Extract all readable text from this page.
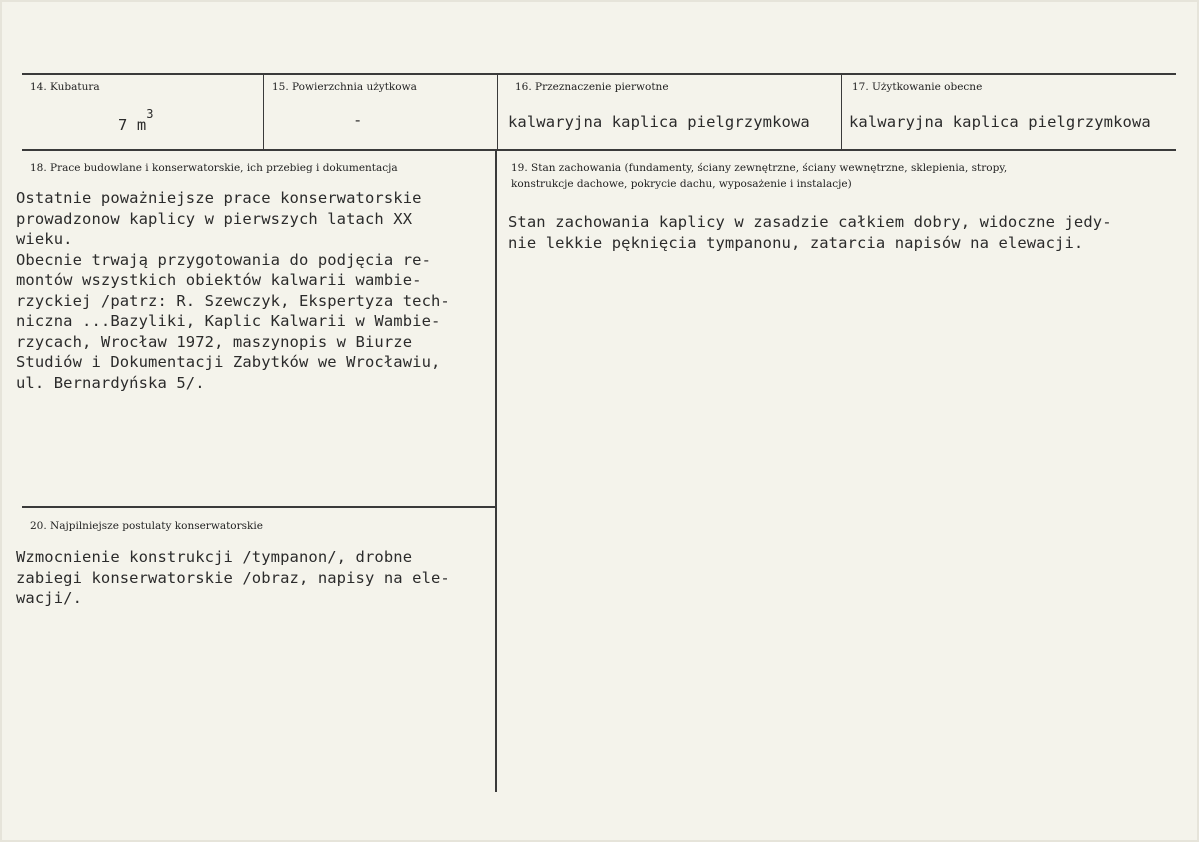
14. Kubatura
7 $m^3$
15. Powierzchnia użytkowa
-
16. Przeznaczenie pierwotne
kalwaryjna kaplica pielgrzymkowa
17. Użytkowanie obecne
kalwaryjna kaplica pielgrzymkowa
18. Prace budowlane i konserwatorskie, ich przebieg i dokumentacja
Ostatnie poważniejsze prace konserwatorskie
prowadzonow kaplicy w pierwszych latach XX
wieku.
Obecnie trwają przygotowania do podjęcia re-
montów wszystkich obiektów kalwarii wambie-
rzyckiej /patrz: R. Szewczyk, Ekspertyza tech-
niczna ...Bazyliki, Kaplic Kalwarii w Wambie-
rzycach, Wrocław 1972, maszynopis w Biurze
Studiów i Dokumentacji Zabytków we Wrocławiu,
ul. Bernardyńska 5/.
19. Stan zachowania (fundamenty, ściany zewnętrzne, ściany wewnętrzne, sklepienia, stropy,
konstrukcje dachowe, pokrycie dachu, wyposażenie i instalacje)
Stan zachowania kaplicy w zasadzie całkiem dobry, widoczne jedy-
nie lekkie pęknięcia tympanonu, zatarcia napisów na elewacji.
20. Najpilniejsze postulaty konserwatorskie
Wzmocnienie konstrukcji /tympanon/, drobne
zabiegi konserwatorskie /obraz, napisy na ele-
wacji/.
